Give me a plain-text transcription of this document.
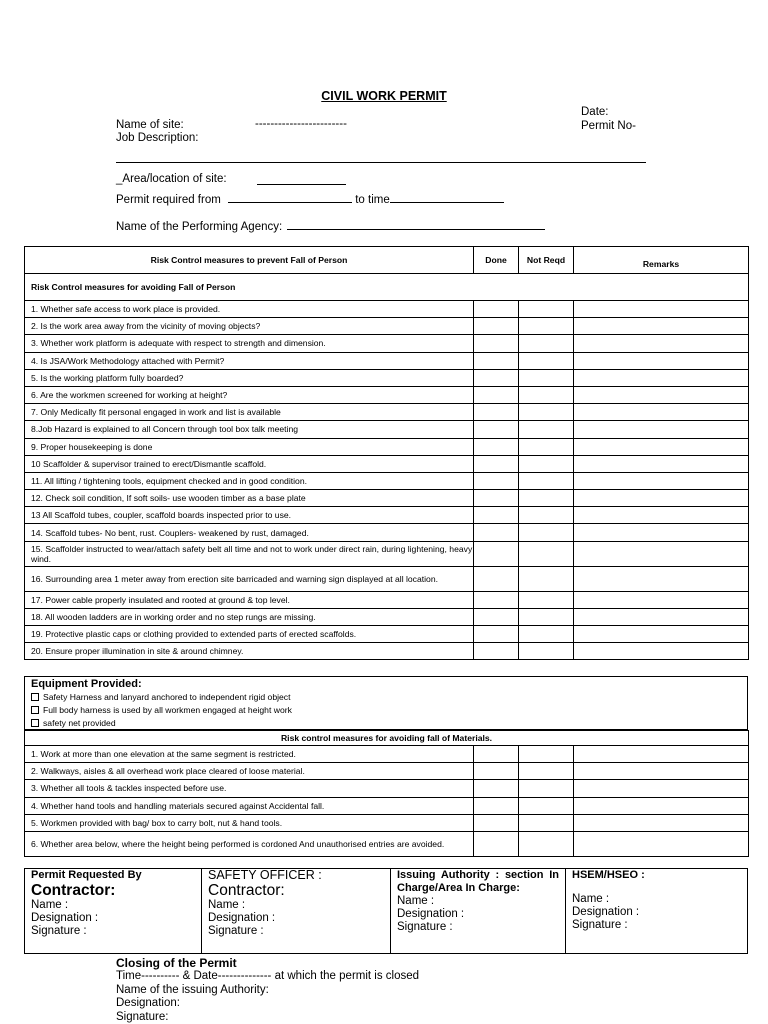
CIVIL WORK PERMIT
Date:
Permit No-
Name of site:	------------------------
Job Description:
_Area/location of site:
Permit required from	to time
Name of the Performing Agency:
Risk Control measures to prevent Fall of Person	Done	Not Reqd	Remarks
Risk Control measures for avoiding Fall of Person			
1. Whether safe access to work place is provided.			
2. Is the work area away from the vicinity of moving objects?			
3. Whether work platform is adequate with respect to strength and dimension.			
4. Is JSA/Work Methodology attached with Permit?			
5. Is the working platform fully boarded?			
6. Are the workmen screened for working at height?			
7. Only Medically fit personal engaged in work and list is available			
8.Job Hazard is explained to all Concern through tool box talk meeting			
9. Proper housekeeping is done			
10 Scaffolder & supervisor trained to erect/Dismantle scaffold.			
11. All lifting / tightening tools, equipment checked and in good condition.			
12. Check soil condition, If soft soils- use wooden timber as a base plate			
13 All Scaffold tubes, coupler, scaffold boards inspected prior to use.			
14. Scaffold tubes- No bent, rust. Couplers- weakened by rust, damaged.			
15. Scaffolder instructed to wear/attach safety belt all time and not to work under direct rain, during lightening, heavy wind.			
16. Surrounding area 1 meter away from erection site barricaded and warning sign displayed at all location.			
17. Power cable properly insulated and rooted at ground & top level.			
18. All wooden ladders are in working order and no step rungs are missing.			
19. Protective plastic caps or clothing provided to extended parts of erected scaffolds.			
20. Ensure proper illumination in site & around chimney.			
Equipment Provided:
Safety Harness and lanyard anchored to independent rigid object
Full body harness is used by all workmen engaged at height work
safety net provided
Risk control measures for avoiding fall of Materials.			
1. Work at more than one elevation at the same segment is restricted.			
2. Walkways, aisles & all overhead work place cleared of loose material.			
3. Whether all tools & tackles inspected before use.			
4. Whether hand tools and handling materials secured against Accidental fall.			
5. Workmen provided with bag/ box to carry bolt, nut & hand tools.			
6. Whether area below, where the height being performed is cordoned And unauthorised entries are avoided.			
Permit Requested By
Contractor:
Name :
Designation :
Signature :
SAFETY OFFICER :
Contractor:
Name :
Designation :
Signature :
Issuing Authority : section In Charge/Area In Charge:
Name :
Designation :
Signature :
HSEM/HSEO :
Name :
Designation :
Signature :
Closing of the Permit
Time---------- & Date-------------- at which the permit is closed
Name of the issuing Authority:
Designation:
Signature:
